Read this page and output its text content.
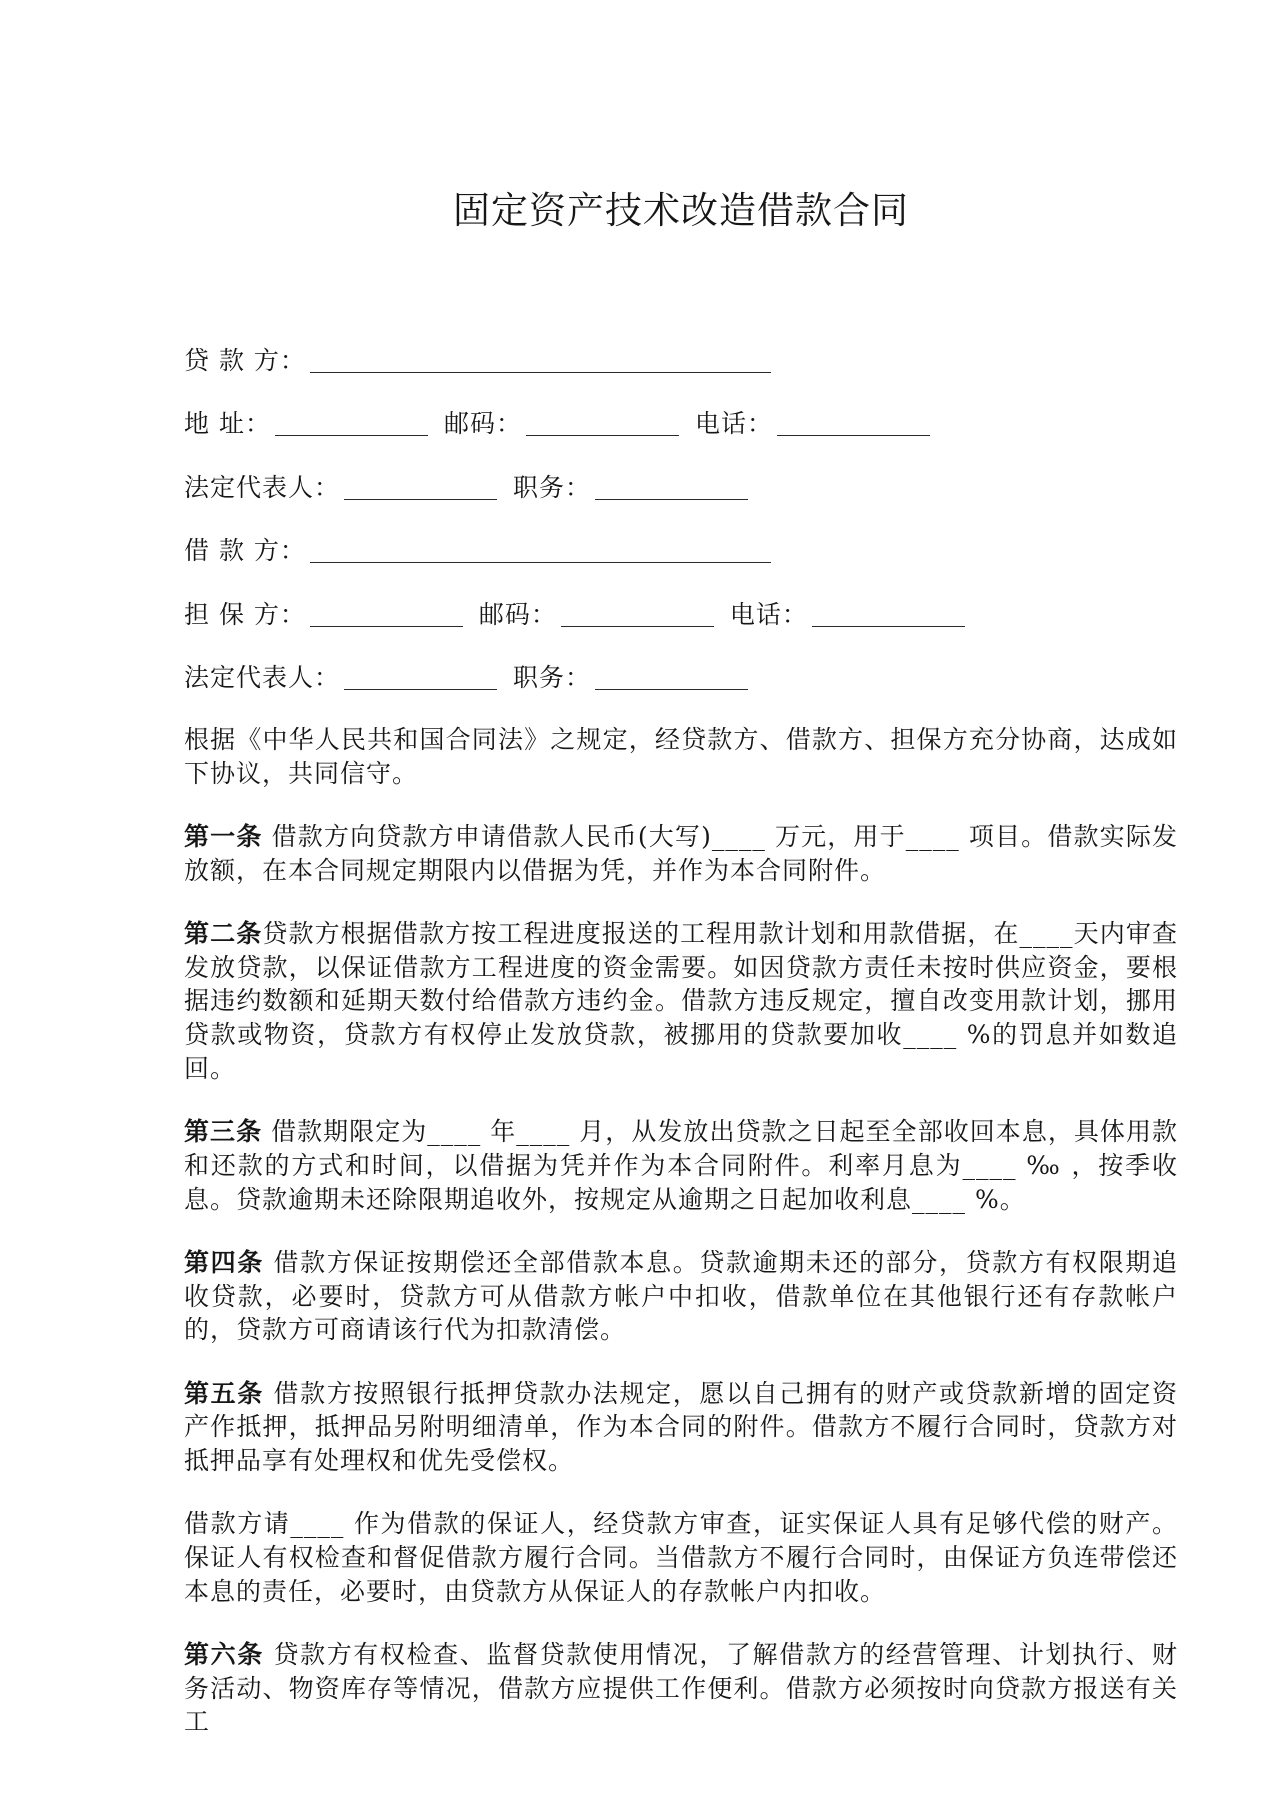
固定资产技术改造借款合同
贷 款 方：
地 址：	邮码：	电话：
法定代表人：	职务：
借 款 方：
担 保 方：	邮码：	电话：
法定代表人：	职务：

根据《中华人民共和国合同法》之规定，经贷款方、借款方、担保方充分协商，达成如下协议，共同信守。

第一条 借款方向贷款方申请借款人民币(大写)____ 万元，用于____ 项目。借款实际发放额，在本合同规定期限内以借据为凭，并作为本合同附件。

第二条贷款方根据借款方按工程进度报送的工程用款计划和用款借据，在____天内审查发放贷款，以保证借款方工程进度的资金需要。如因贷款方责任未按时供应资金，要根据违约数额和延期天数付给借款方违约金。借款方违反规定，擅自改变用款计划，挪用贷款或物资，贷款方有权停止发放贷款，被挪用的贷款要加收____ %的罚息并如数追回。

第三条 借款期限定为____ 年____ 月，从发放出贷款之日起至全部收回本息，具体用款和还款的方式和时间，以借据为凭并作为本合同附件。利率月息为____ ‰ ，按季收息。贷款逾期未还除限期追收外，按规定从逾期之日起加收利息____ %。

第四条 借款方保证按期偿还全部借款本息。贷款逾期未还的部分，贷款方有权限期追收贷款，必要时，贷款方可从借款方帐户中扣收，借款单位在其他银行还有存款帐户的，贷款方可商请该行代为扣款清偿。

第五条 借款方按照银行抵押贷款办法规定，愿以自己拥有的财产或贷款新增的固定资产作抵押，抵押品另附明细清单，作为本合同的附件。借款方不履行合同时，贷款方对抵押品享有处理权和优先受偿权。

借款方请____ 作为借款的保证人，经贷款方审查，证实保证人具有足够代偿的财产。保证人有权检查和督促借款方履行合同。当借款方不履行合同时，由保证方负连带偿还本息的责任，必要时，由贷款方从保证人的存款帐户内扣收。

第六条 贷款方有权检查、监督贷款使用情况，了解借款方的经营管理、计划执行、财务活动、物资库存等情况，借款方应提供工作便利。借款方必须按时向贷款方报送有关工
